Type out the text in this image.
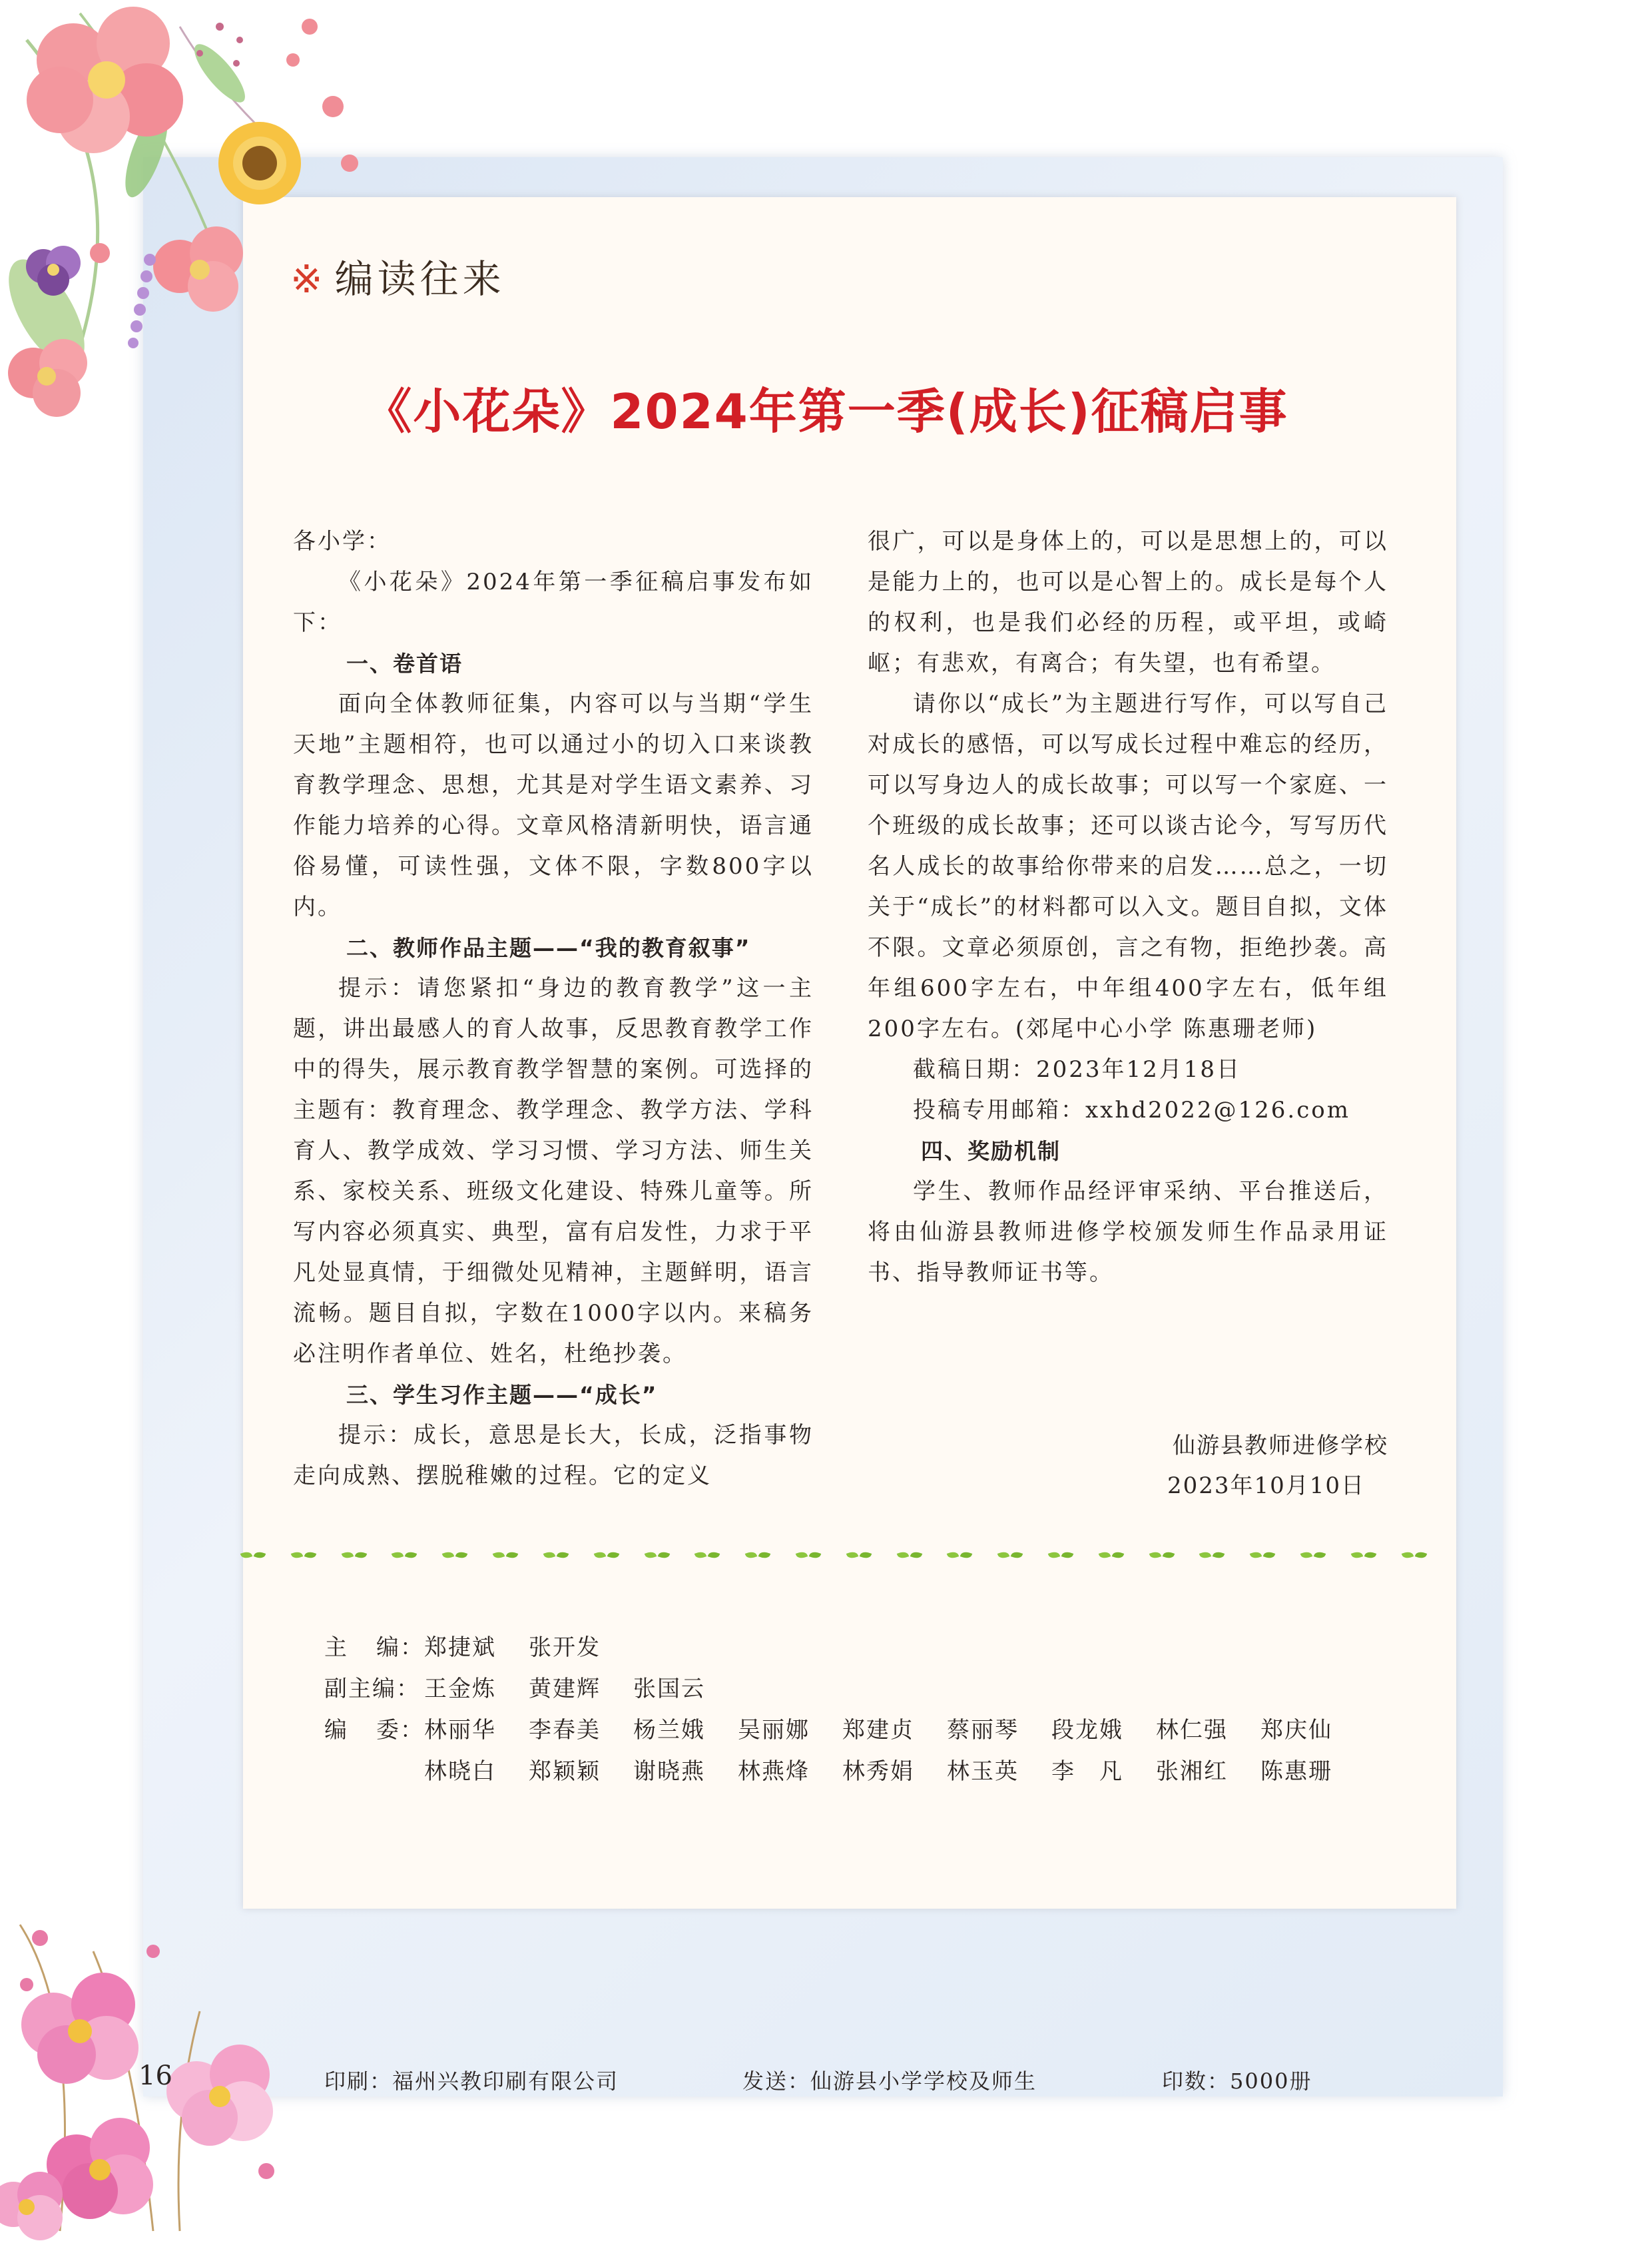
※ 编读往来
《小花朵》2024年第一季(成长)征稿启事

各小学：

《小花朵》2024年第一季征稿启事发布如下：

一、卷首语

面向全体教师征集，内容可以与当期“学生天地”主题相符，也可以通过小的切入口来谈教育教学理念、思想，尤其是对学生语文素养、习作能力培养的心得。文章风格清新明快，语言通俗易懂，可读性强，文体不限，字数800字以内。

二、教师作品主题——“我的教育叙事”

提示：请您紧扣“身边的教育教学”这一主题，讲出最感人的育人故事，反思教育教学工作中的得失，展示教育教学智慧的案例。可选择的主题有：教育理念、教学理念、教学方法、学科育人、教学成效、学习习惯、学习方法、师生关系、家校关系、班级文化建设、特殊儿童等。所写内容必须真实、典型，富有启发性，力求于平凡处显真情，于细微处见精神，主题鲜明，语言流畅。题目自拟，字数在1000字以内。来稿务必注明作者单位、姓名，杜绝抄袭。

三、学生习作主题——“成长”

提示：成长，意思是长大，长成，泛指事物走向成熟、摆脱稚嫩的过程。它的定义

很广，可以是身体上的，可以是思想上的，可以是能力上的，也可以是心智上的。成长是每个人的权利，也是我们必经的历程，或平坦，或崎岖；有悲欢，有离合；有失望，也有希望。

请你以“成长”为主题进行写作，可以写自己对成长的感悟，可以写成长过程中难忘的经历，可以写身边人的成长故事；可以写一个家庭、一个班级的成长故事；还可以谈古论今，写写历代名人成长的故事给你带来的启发……总之，一切关于“成长”的材料都可以入文。题目自拟，文体不限。文章必须原创，言之有物，拒绝抄袭。高年组600字左右，中年组400字左右，低年组200字左右。(郊尾中心小学 陈惠珊老师)

截稿日期：2023年12月18日

投稿专用邮箱：xxhd2022@126.com

四、奖励机制

学生、教师作品经评审采纳、平台推送后，将由仙游县教师进修学校颁发师生作品录用证书、指导教师证书等。

仙游县教师进修学校
2023年10月10日
主 编： 郑捷斌	张开发
副主编： 王金炼	黄建辉	张国云
编 委： 林丽华	李春美	杨兰娥	吴丽娜	郑建贞	蔡丽琴	段龙娥	林仁强	郑庆仙
林晓白	郑颖颖	谢晓燕	林燕烽	林秀娟	林玉英	李　凡	张湘红	陈惠珊
16	印刷：福州兴教印刷有限公司	发送：仙游县小学学校及师生	印数：5000册
